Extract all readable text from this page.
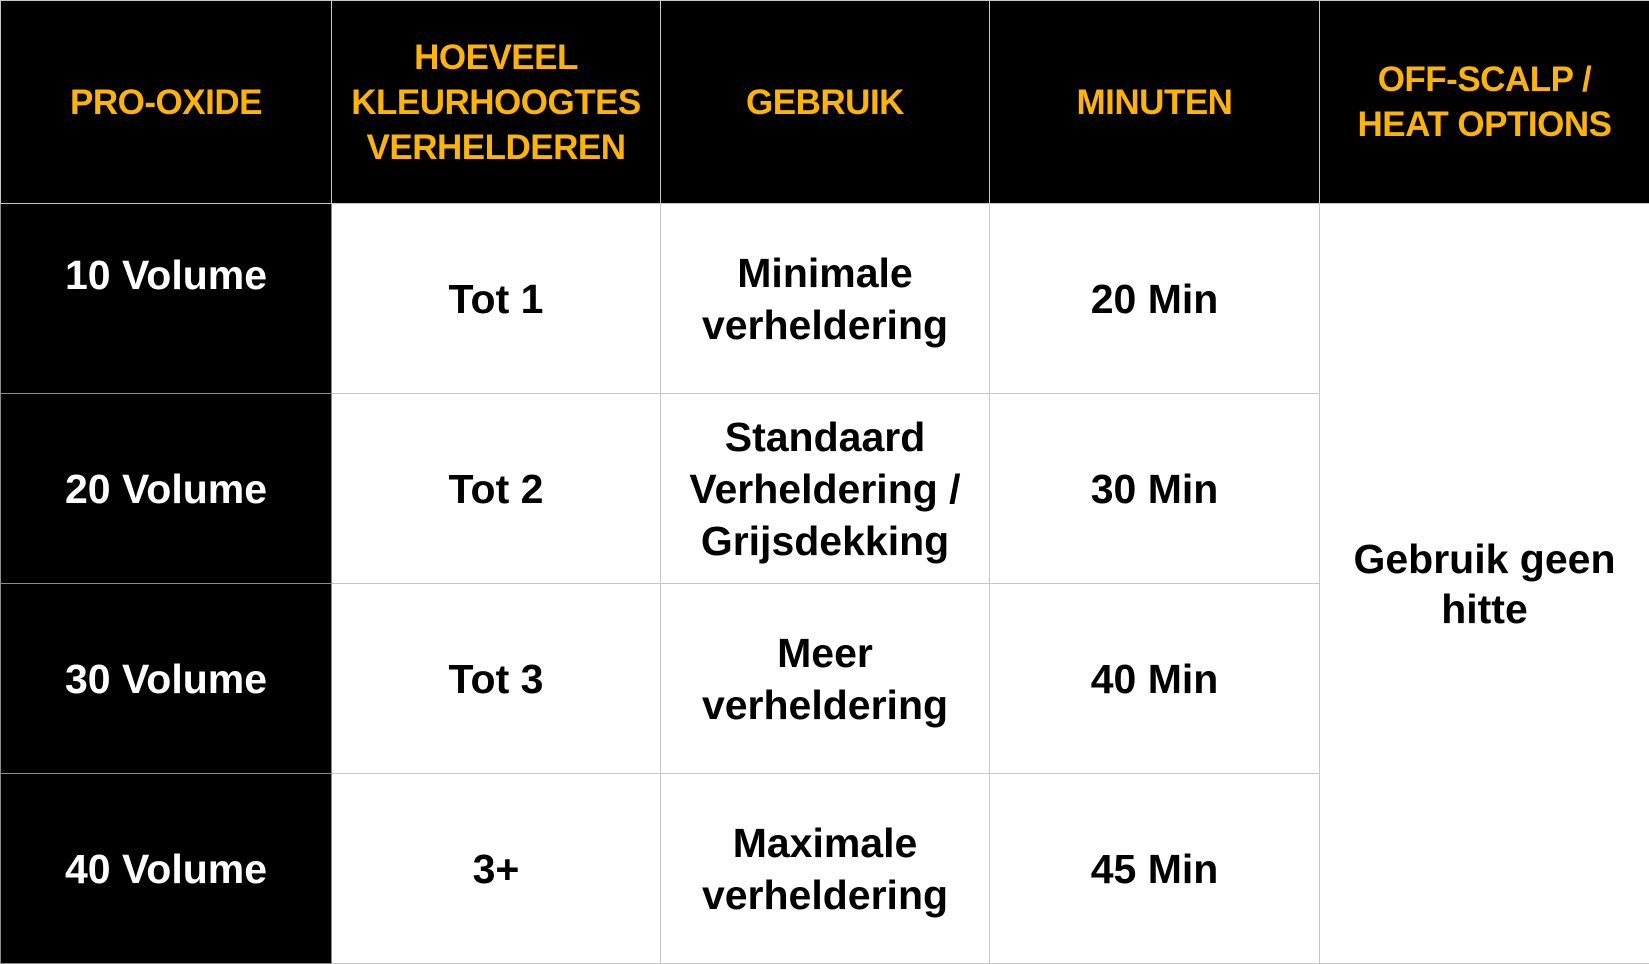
PRO-OXIDE	HOEVEEL KLEURHOOGTES VERHELDEREN	GEBRUIK	MINUTEN	OFF-SCALP / HEAT OPTIONS
10 Volume	Tot 1	Minimale verheldering	20 Min	Gebruik geen hitte
20 Volume	Tot 2	Standaard Verheldering / Grijsdekking	30 Min	
30 Volume	Tot 3	Meer verheldering	40 Min	
40 Volume	3+	Maximale verheldering	45 Min	
